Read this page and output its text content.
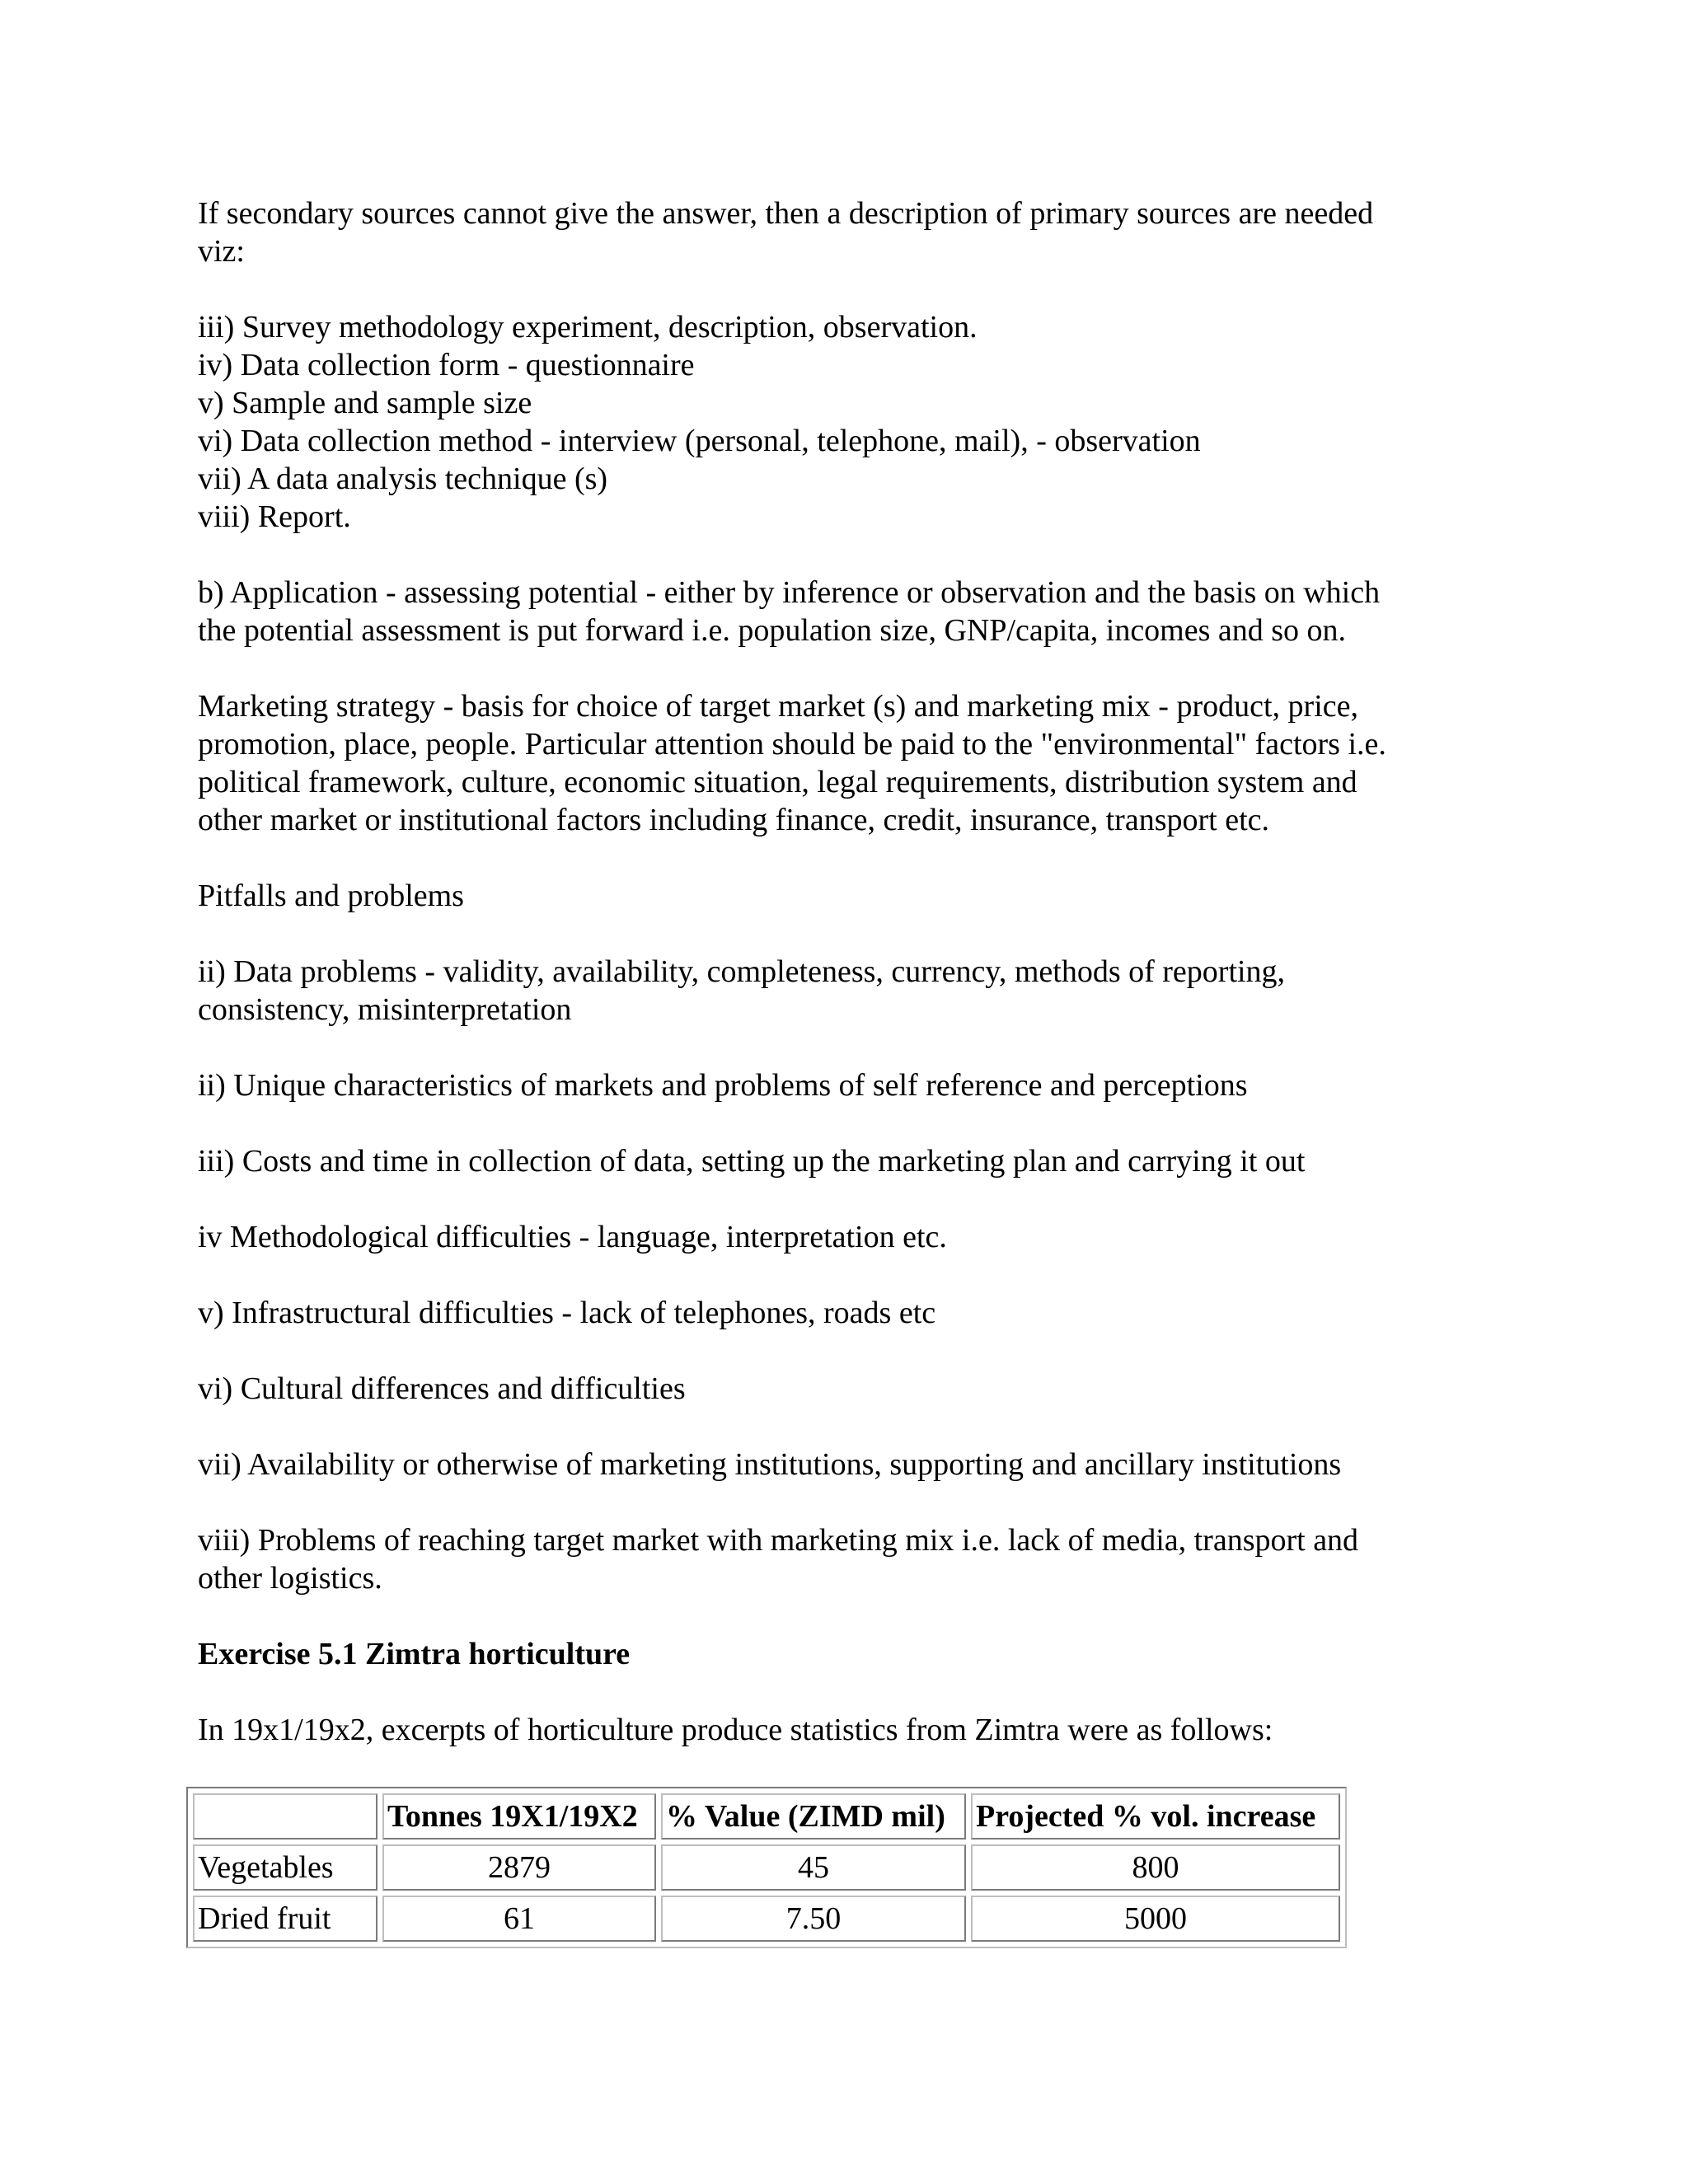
If secondary sources cannot give the answer, then a description of primary sources are needed
viz:

iii) Survey methodology experiment, description, observation.
iv) Data collection form - questionnaire
v) Sample and sample size
vi) Data collection method - interview (personal, telephone, mail), - observation
vii) A data analysis technique (s)
viii) Report.

b) Application - assessing potential - either by inference or observation and the basis on which
the potential assessment is put forward i.e. population size, GNP/capita, incomes and so on.

Marketing strategy - basis for choice of target market (s) and marketing mix - product, price,
promotion, place, people. Particular attention should be paid to the "environmental" factors i.e.
political framework, culture, economic situation, legal requirements, distribution system and
other market or institutional factors including finance, credit, insurance, transport etc.

Pitfalls and problems

ii) Data problems - validity, availability, completeness, currency, methods of reporting,
consistency, misinterpretation

ii) Unique characteristics of markets and problems of self reference and perceptions

iii) Costs and time in collection of data, setting up the marketing plan and carrying it out

iv Methodological difficulties - language, interpretation etc.

v) Infrastructural difficulties - lack of telephones, roads etc

vi) Cultural differences and difficulties

vii) Availability or otherwise of marketing institutions, supporting and ancillary institutions

viii) Problems of reaching target market with marketing mix i.e. lack of media, transport and
other logistics.

Exercise 5.1 Zimtra horticulture

In 19x1/19x2, excerpts of horticulture produce statistics from Zimtra were as follows:

	Tonnes 19X1/19X2	% Value (ZIMD mil)	Projected % vol. increase
Vegetables	2879	45	800
Dried fruit	61	7.50	5000
